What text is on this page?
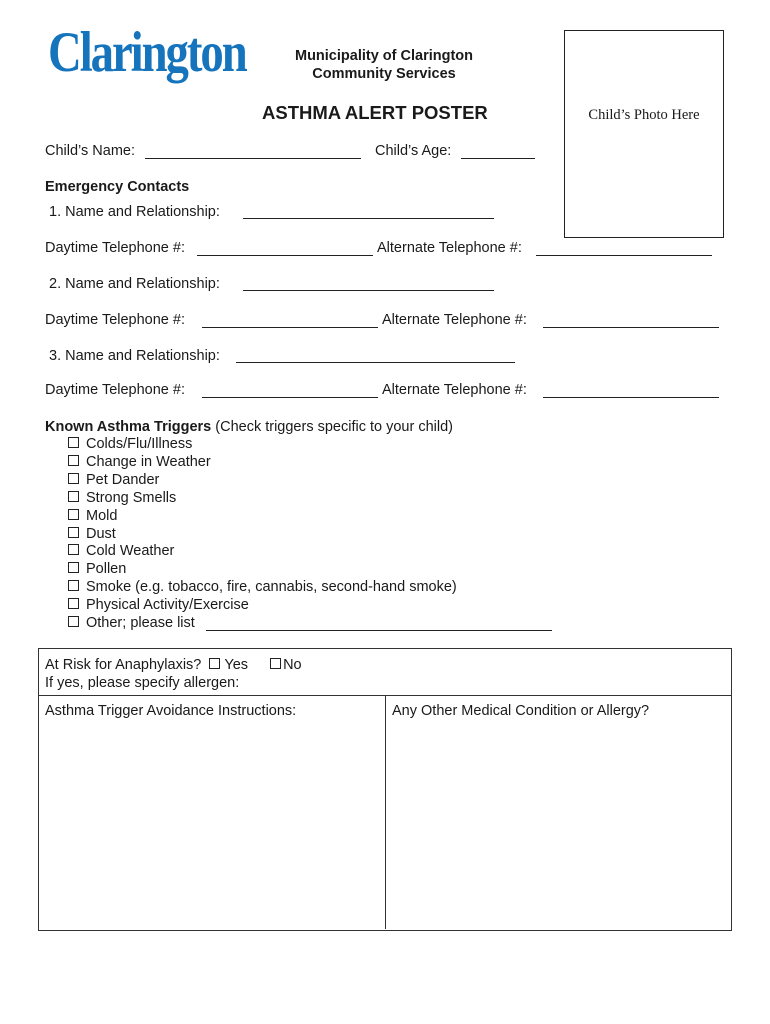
Clarington	Municipality of Clarington
Community Services
ASTHMA ALERT POSTER	Child’s Photo Here
Child’s Name:	Child’s Age:
Emergency Contacts
1. Name and Relationship:
Daytime Telephone #:	Alternate Telephone #:
2. Name and Relationship:
Daytime Telephone #:	Alternate Telephone #:
3. Name and Relationship:
Daytime Telephone #:	Alternate Telephone #:
Known Asthma Triggers (Check triggers specific to your child)
Colds/Flu/Illness
Change in Weather
Pet Dander
Strong Smells
Mold
Dust
Cold Weather
Pollen
Smoke (e.g. tobacco, fire, cannabis, second-hand smoke)
Physical Activity/Exercise
Other; please list
At Risk for Anaphylaxis? Yes No
If yes, please specify allergen:
Asthma Trigger Avoidance Instructions:	Any Other Medical Condition or Allergy?
